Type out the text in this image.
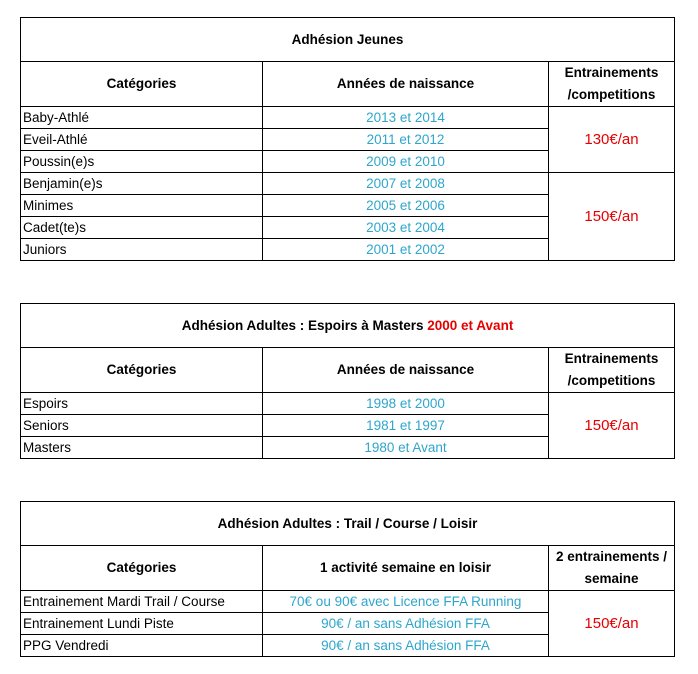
Adhésion Jeunes		
Catégories	Années de naissance	Entrainements /competitions
Baby-Athlé	2013 et 2014	130€/an
Eveil-Athlé	2011 et 2012	
Poussin(e)s	2009 et 2010	
Benjamin(e)s	2007 et 2008	150€/an
Minimes	2005 et 2006	
Cadet(te)s	2003 et 2004	
Juniors	2001 et 2002	
Adhésion Adultes : Espoirs à Masters 2000 et Avant		
Catégories	Années de naissance	Entrainements /competitions
Espoirs	1998 et 2000	150€/an
Seniors	1981 et 1997	
Masters	1980 et Avant	
Adhésion Adultes : Trail / Course / Loisir		
Catégories	1 activité semaine en loisir	2 entrainements / semaine
Entrainement Mardi Trail / Course	70€ ou 90€ avec Licence FFA Running	150€/an
Entrainement Lundi Piste	90€ / an sans Adhésion FFA	
PPG Vendredi	90€ / an sans Adhésion FFA	
